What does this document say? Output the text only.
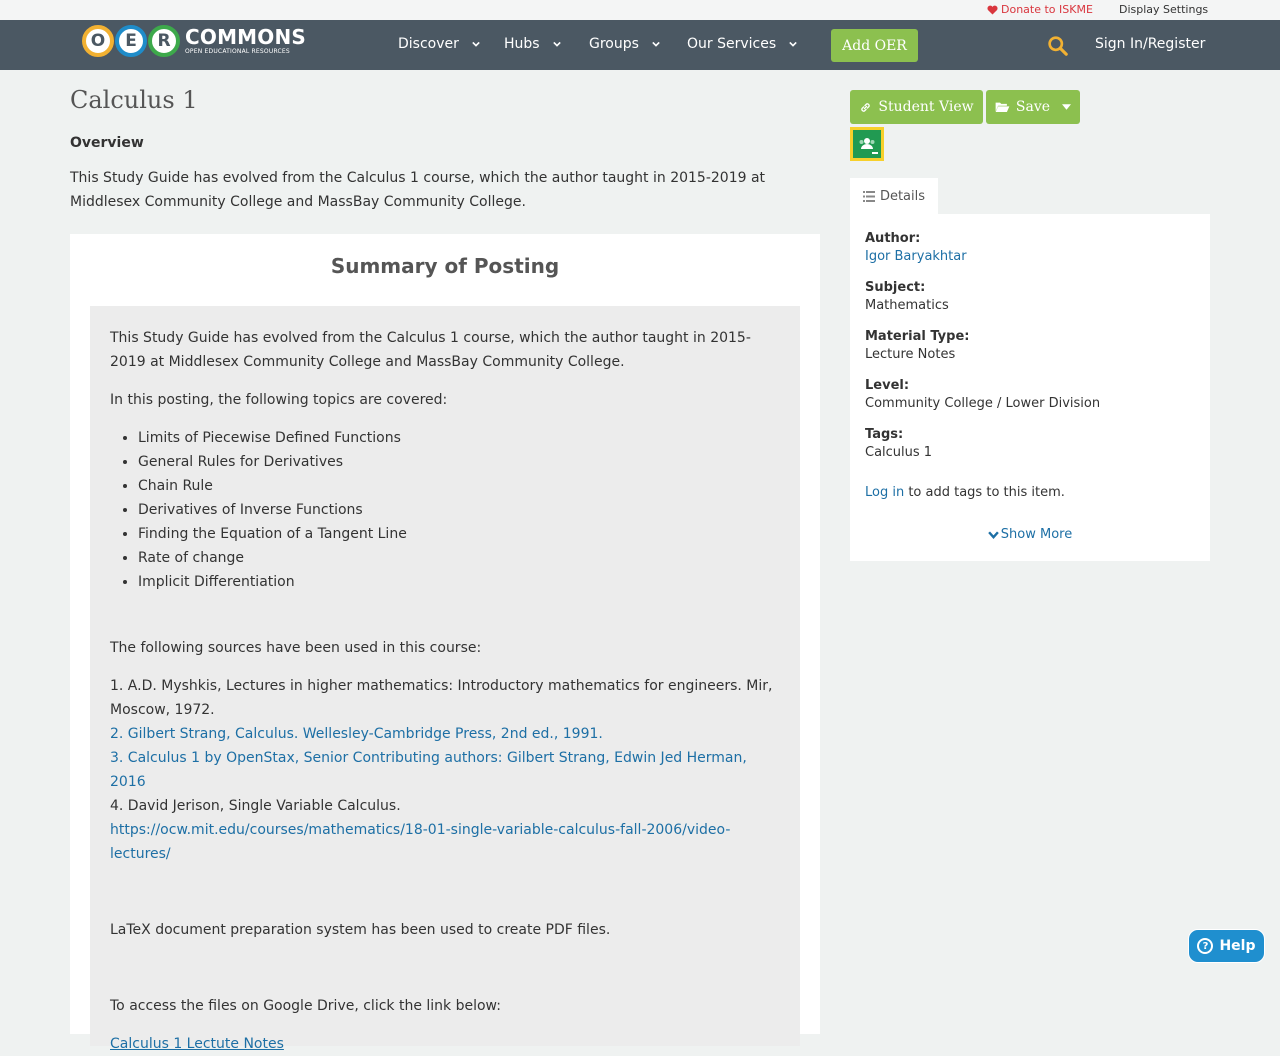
Donate to ISKME Display Settings
O	E	R COMMONS
OPEN EDUCATIONAL RESOURCES	Discover	Hubs	Groups	Our Services	Add OER	Sign In/Register
Calculus 1
Overview

This Study Guide has evolved from the Calculus 1 course, which the author taught in 2015-2019 at Middlesex Community College and MassBay Community College.

Summary of Posting

This Study Guide has evolved from the Calculus 1 course, which the author taught in 2015-2019 at Middlesex Community College and MassBay Community College.

In this posting, the following topics are covered:

• Limits of Piecewise Defined Functions
• General Rules for Derivatives
• Chain Rule
• Derivatives of Inverse Functions
• Finding the Equation of a Tangent Line
• Rate of change
• Implicit Differentiation

The following sources have been used in this course:

1. A.D. Myshkis, Lectures in higher mathematics: Introductory mathematics for engineers. Mir, Moscow, 1972.
2. Gilbert Strang, Calculus. Wellesley-Cambridge Press, 2nd ed., 1991.
3. Calculus 1 by OpenStax, Senior Contributing authors: Gilbert Strang, Edwin Jed Herman, 2016
4. David Jerison, Single Variable Calculus.
https://ocw.mit.edu/courses/mathematics/18-01-single-variable-calculus-fall-2006/video-lectures/

LaTeX document preparation system has been used to create PDF files.

To access the files on Google Drive, click the link below:

Calculus 1 Lectute Notes

Student View	Save
Details
Author:
Igor Baryakhtar
Subject:
Mathematics
Material Type:
Lecture Notes
Level:
Community College / Lower Division
Tags:
Calculus 1
Log in to add tags to this item.
Show More
? Help
